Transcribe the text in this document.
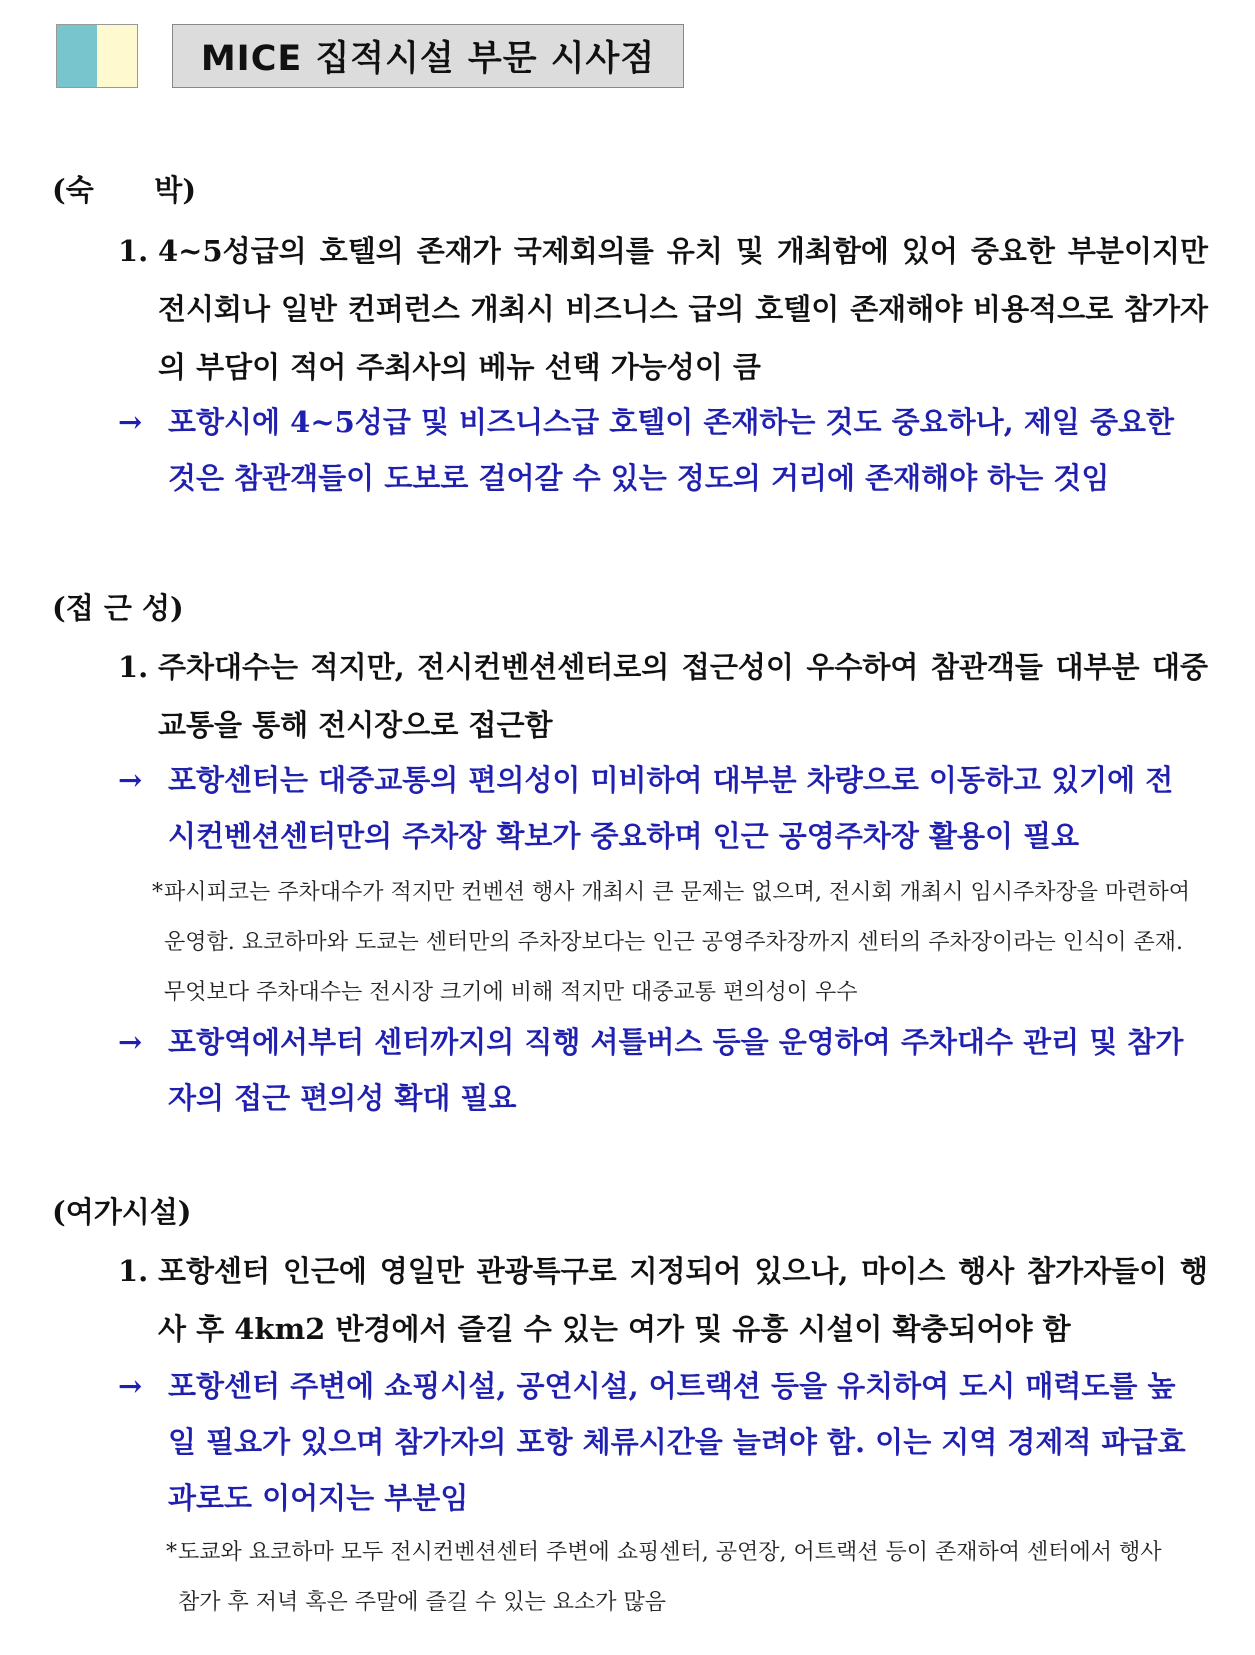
MICE 집적시설 부문 시사점
(숙      박)
1. 4~5성급의 호텔의 존재가 국제회의를 유치 및 개최함에 있어 중요한 부분이지만 전시회나 일반 컨퍼런스 개최시 비즈니스 급의 호텔이 존재해야 비용적으로 참가자의 부담이 적어 주최사의 베뉴 선택 가능성이 큼
→ 포항시에 4~5성급 및 비즈니스급 호텔이 존재하는 것도 중요하나, 제일 중요한 것은 참관객들이 도보로 걸어갈 수 있는 정도의 거리에 존재해야 하는 것임
(접 근 성)
1. 주차대수는 적지만, 전시컨벤션센터로의 접근성이 우수하여 참관객들 대부분 대중교통을 통해 전시장으로 접근함
→ 포항센터는 대중교통의 편의성이 미비하여 대부분 차량으로 이동하고 있기에 전시컨벤션센터만의 주차장 확보가 중요하며 인근 공영주차장 활용이 필요
* 파시피코는 주차대수가 적지만 컨벤션 행사 개최시 큰 문제는 없으며, 전시회 개최시 임시주차장을 마련하여 운영함. 요코하마와 도쿄는 센터만의 주차장보다는 인근 공영주차장까지 센터의 주차장이라는 인식이 존재. 무엇보다 주차대수는 전시장 크기에 비해 적지만 대중교통 편의성이 우수
→ 포항역에서부터 센터까지의 직행 셔틀버스 등을 운영하여 주차대수 관리 및 참가자의 접근 편의성 확대 필요
(여가시설)
1. 포항센터 인근에 영일만 관광특구로 지정되어 있으나, 마이스 행사 참가자들이 행사 후 4km2 반경에서 즐길 수 있는 여가 및 유흥 시설이 확충되어야 함
→ 포항센터 주변에 쇼핑시설, 공연시설, 어트랙션 등을 유치하여 도시 매력도를 높일 필요가 있으며 참가자의 포항 체류시간을 늘려야 함. 이는 지역 경제적 파급효과로도 이어지는 부분임
* 도쿄와 요코하마 모두 전시컨벤션센터 주변에 쇼핑센터, 공연장, 어트랙션 등이 존재하여 센터에서 행사 참가 후 저녁 혹은 주말에 즐길 수 있는 요소가 많음
